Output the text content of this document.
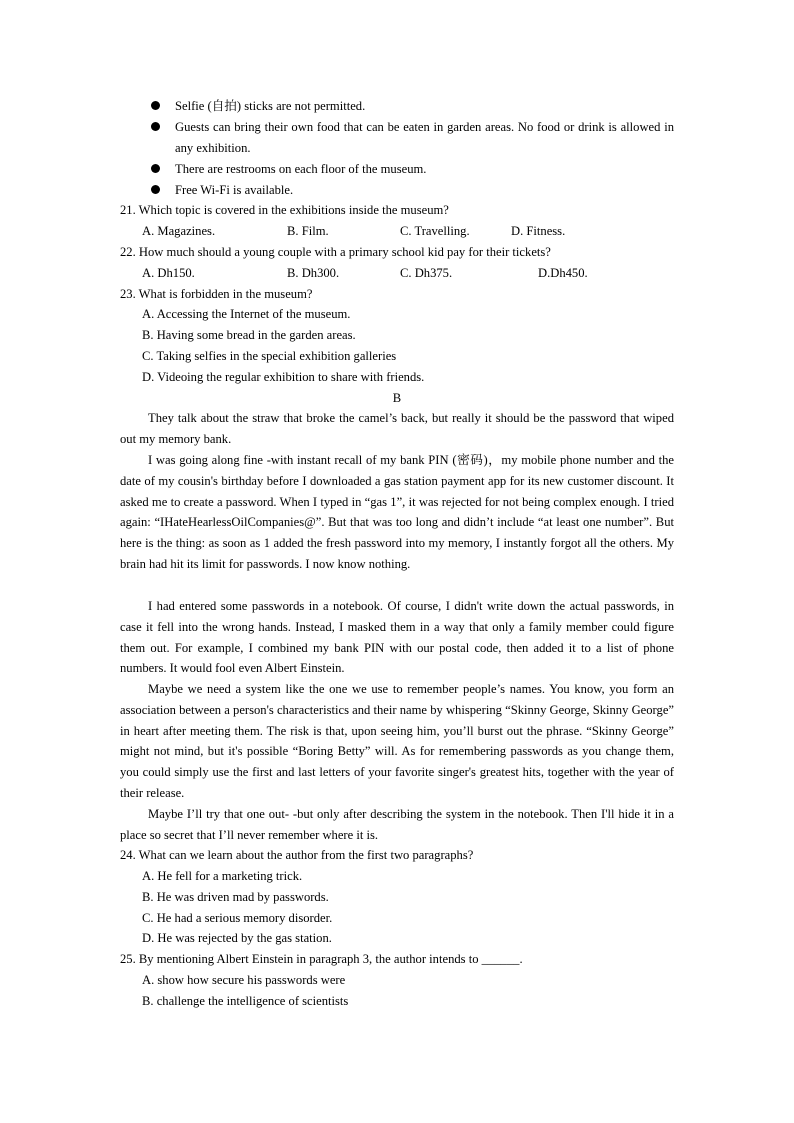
Selfie (自拍) sticks are not permitted.
Guests can bring their own food that can be eaten in garden areas. No food or drink is allowed in any exhibition.
There are restrooms on each floor of the museum.
Free Wi-Fi is available.
21. Which topic is covered in the exhibitions inside the museum?
A. Magazines.	B. Film.	C. Travelling.	D. Fitness.
22. How much should a young couple with a primary school kid pay for their tickets?
A. Dh150.	B. Dh300.	C. Dh375.	D.Dh450.
23. What is forbidden in the museum?
A. Accessing the Internet of the museum.
B. Having some bread in the garden areas.
C. Taking selfies in the special exhibition galleries
D. Videoing the regular exhibition to share with friends.
B
They talk about the straw that broke the camel’s back, but really it should be the password that wiped out my memory bank.
I was going along fine -with instant recall of my bank PIN (密码)，my mobile phone number and the date of my cousin's birthday before I downloaded a gas station payment app for its new customer discount. It asked me to create a password. When I typed in “gas 1”, it was rejected for not being complex enough. I tried again: “IHateHearlessOilCompanies@”. But that was too long and didn’t include “at least one number”. But here is the thing: as soon as 1 added the fresh password into my memory, I instantly forgot all the others. My brain had hit its limit for passwords. I now know nothing.
I had entered some passwords in a notebook. Of course, I didn't write down the actual passwords, in case it fell into the wrong hands. Instead, I masked them in a way that only a family member could figure them out. For example, I combined my bank PIN with our postal code, then added it to a list of phone numbers. It would fool even Albert Einstein.
Maybe we need a system like the one we use to remember people’s names. You know, you form an association between a person's characteristics and their name by whispering “Skinny George, Skinny George” in heart after meeting them. The risk is that, upon seeing him, you’ll burst out the phrase. “Skinny George” might not mind, but it's possible “Boring Betty” will. As for remembering passwords as you change them, you could simply use the first and last letters of your favorite singer's greatest hits, together with the year of their release.
Maybe I’ll try that one out- -but only after describing the system in the notebook. Then I'll hide it in a place so secret that I’ll never remember where it is.
24. What can we learn about the author from the first two paragraphs?
A. He fell for a marketing trick.
B. He was driven mad by passwords.
C. He had a serious memory disorder.
D. He was rejected by the gas station.
25. By mentioning Albert Einstein in paragraph 3, the author intends to ______.
A. show how secure his passwords were
B. challenge the intelligence of scientists
